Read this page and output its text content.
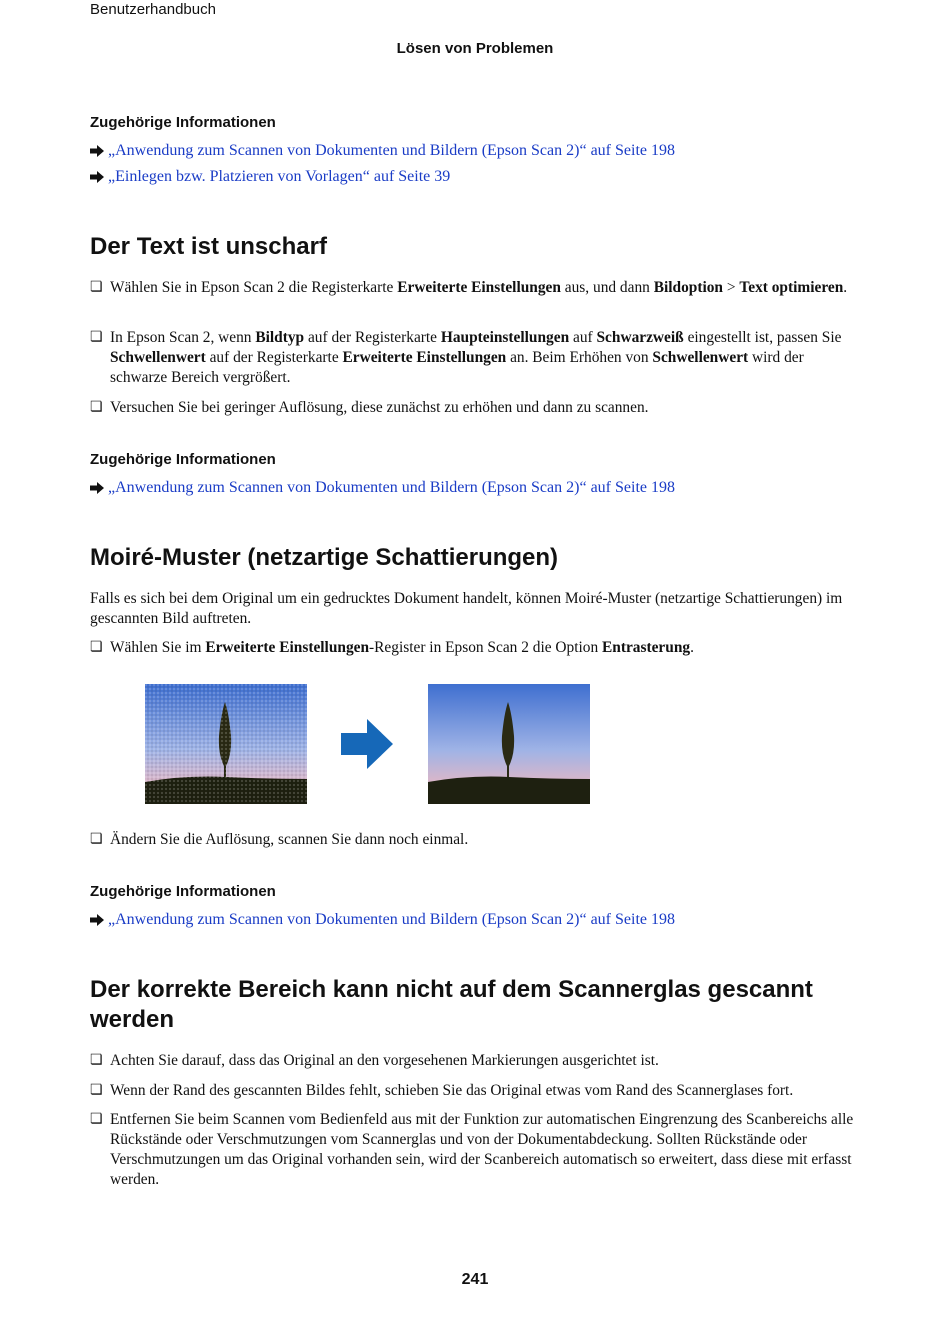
Benutzerhandbuch
Lösen von Problemen
Zugehörige Informationen
„Anwendung zum Scannen von Dokumenten und Bildern (Epson Scan 2)“ auf Seite 198
„Einlegen bzw. Platzieren von Vorlagen“ auf Seite 39
Der Text ist unscharf
❏ Wählen Sie in Epson Scan 2 die Registerkarte Erweiterte Einstellungen aus, und dann Bildoption > Text optimieren.
❏ In Epson Scan 2, wenn Bildtyp auf der Registerkarte Haupteinstellungen auf Schwarzweiß eingestellt ist, passen Sie Schwellenwert auf der Registerkarte Erweiterte Einstellungen an. Beim Erhöhen von Schwellenwert wird der schwarze Bereich vergrößert.
❏ Versuchen Sie bei geringer Auflösung, diese zunächst zu erhöhen und dann zu scannen.
Zugehörige Informationen
„Anwendung zum Scannen von Dokumenten und Bildern (Epson Scan 2)“ auf Seite 198
Moiré-Muster (netzartige Schattierungen)
Falls es sich bei dem Original um ein gedrucktes Dokument handelt, können Moiré-Muster (netzartige Schattierungen) im gescannten Bild auftreten.
❏ Wählen Sie im Erweiterte Einstellungen-Register in Epson Scan 2 die Option Entrasterung.
❏ Ändern Sie die Auflösung, scannen Sie dann noch einmal.
Zugehörige Informationen
„Anwendung zum Scannen von Dokumenten und Bildern (Epson Scan 2)“ auf Seite 198
Der korrekte Bereich kann nicht auf dem Scannerglas gescannt werden
❏ Achten Sie darauf, dass das Original an den vorgesehenen Markierungen ausgerichtet ist.
❏ Wenn der Rand des gescannten Bildes fehlt, schieben Sie das Original etwas vom Rand des Scannerglases fort.
❏ Entfernen Sie beim Scannen vom Bedienfeld aus mit der Funktion zur automatischen Eingrenzung des Scanbereichs alle Rückstände oder Verschmutzungen vom Scannerglas und von der Dokumentabdeckung. Sollten Rückstände oder Verschmutzungen um das Original vorhanden sein, wird der Scanbereich automatisch so erweitert, dass diese mit erfasst werden.
241
